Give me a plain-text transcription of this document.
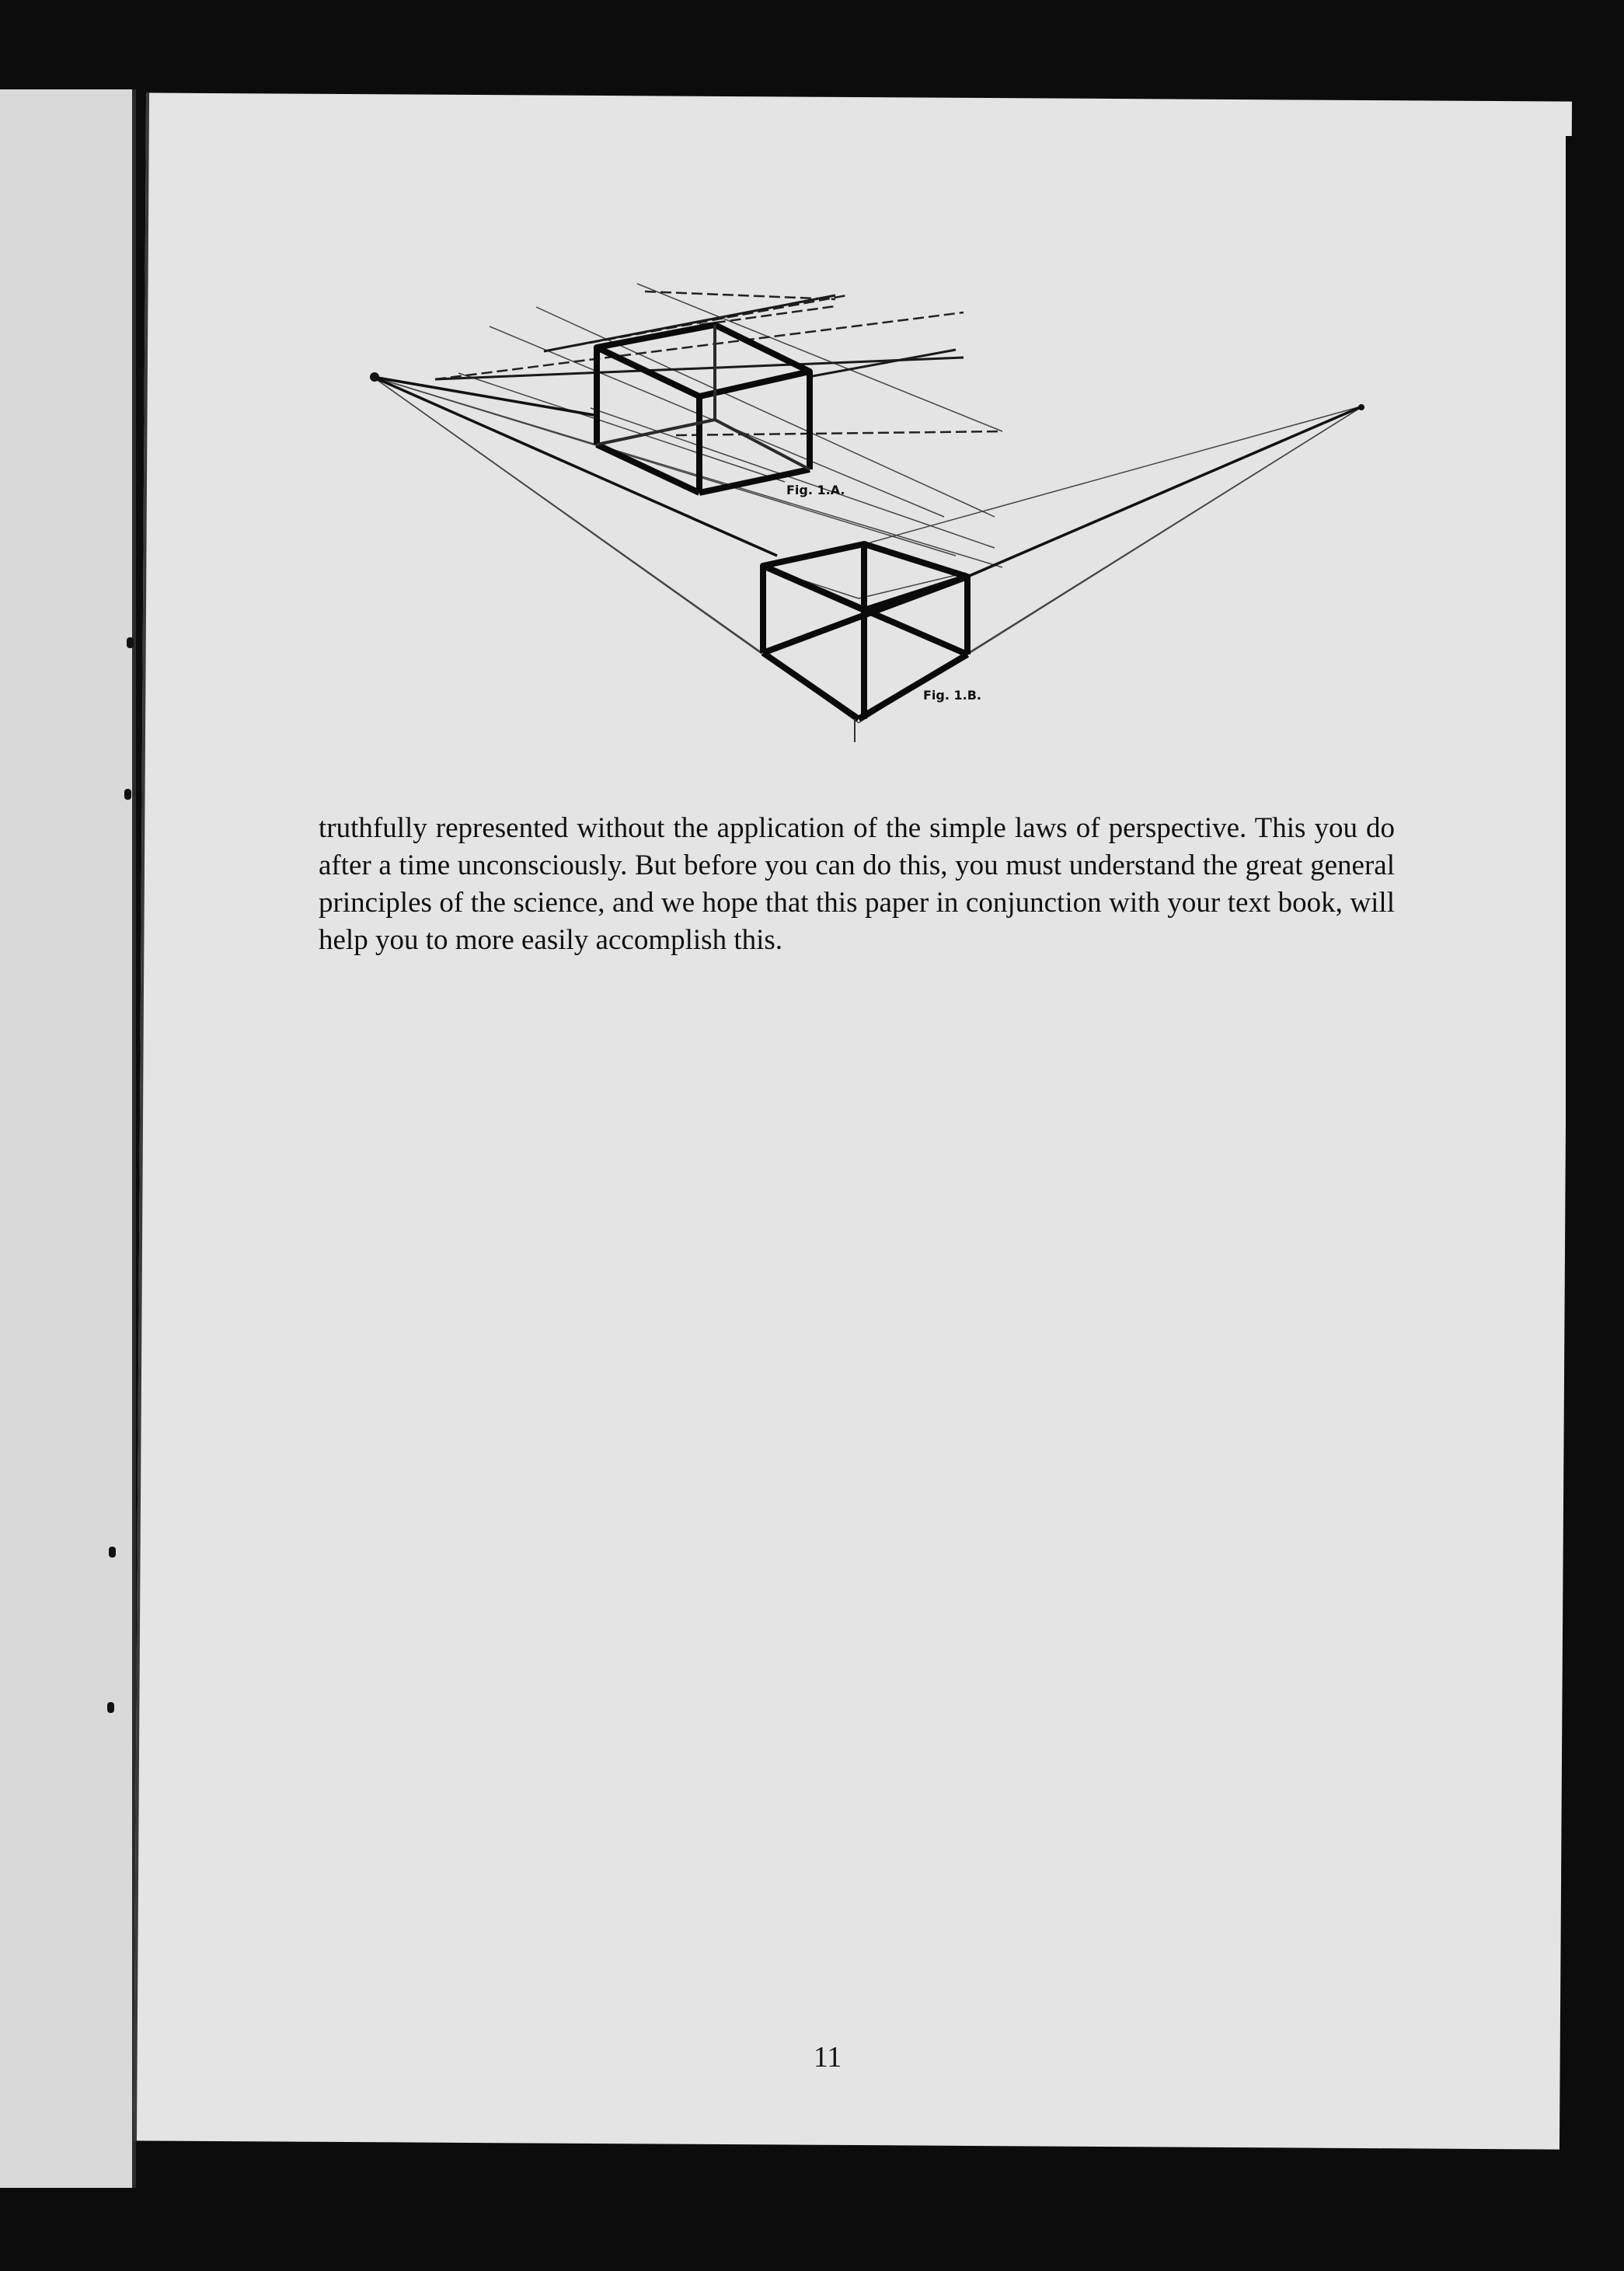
Fig. 1.A.
Fig. 1.B.

truthfully represented without the application of the simple laws of perspective. This you do after a time unconsciously. But before you can do this, you must understand the great general principles of the science, and we hope that this paper in conjunction with your text book, will help you to more easily accomplish this.

11
